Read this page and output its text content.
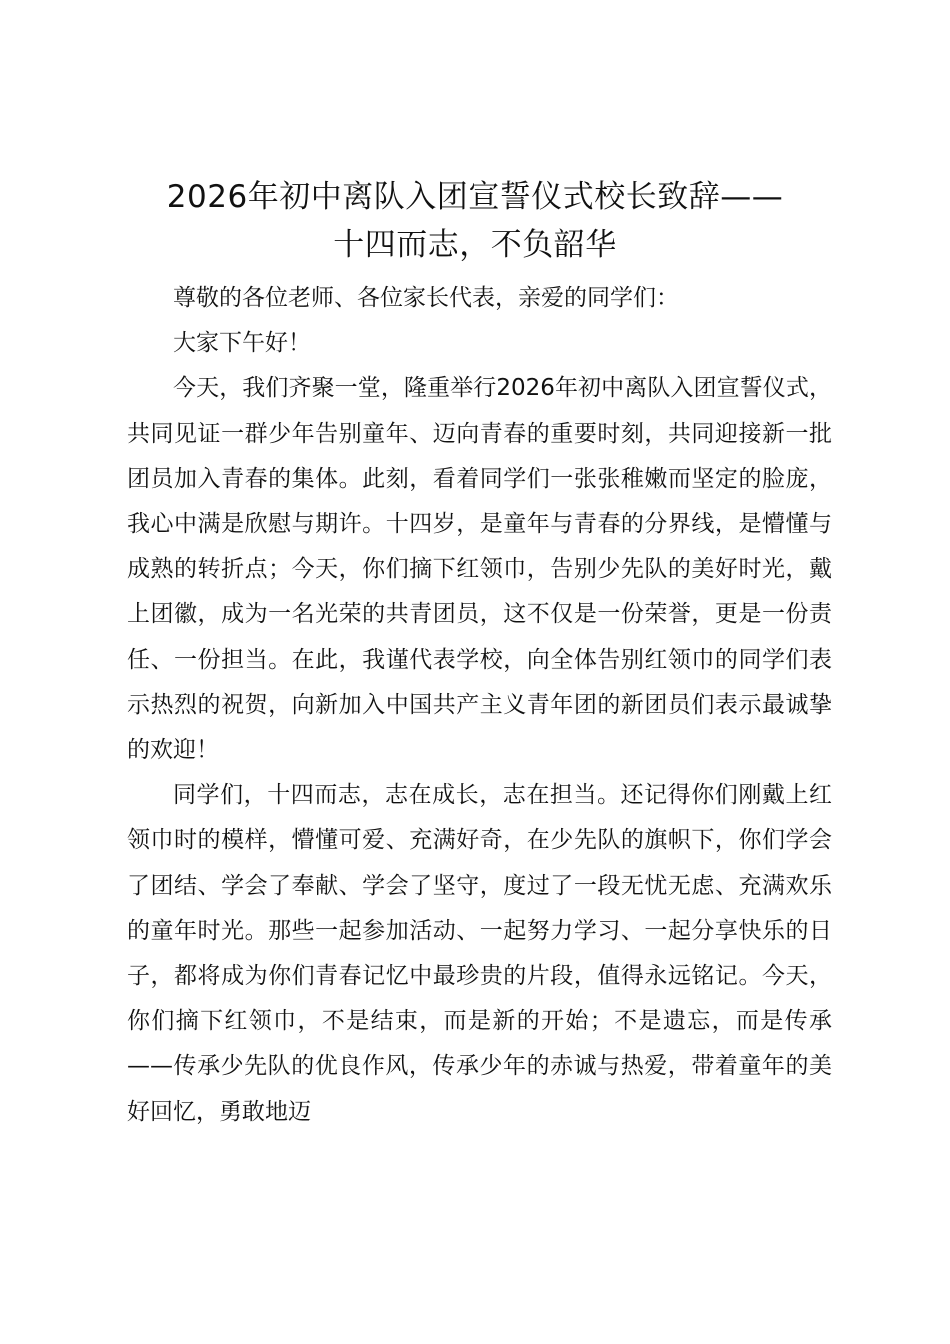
2026年初中离队入团宣誓仪式校长致辞——
十四而志，不负韶华

尊敬的各位老师、各位家长代表，亲爱的同学们：

大家下午好！

今天，我们齐聚一堂，隆重举行2026年初中离队入团宣誓仪式，共同见证一群少年告别童年、迈向青春的重要时刻，共同迎接新一批团员加入青春的集体。此刻，看着同学们一张张稚嫩而坚定的脸庞，我心中满是欣慰与期许。十四岁，是童年与青春的分界线，是懵懂与成熟的转折点；今天，你们摘下红领巾，告别少先队的美好时光，戴上团徽，成为一名光荣的共青团员，这不仅是一份荣誉，更是一份责任、一份担当。在此，我谨代表学校，向全体告别红领巾的同学们表示热烈的祝贺，向新加入中国共产主义青年团的新团员们表示最诚挚的欢迎！

同学们，十四而志，志在成长，志在担当。还记得你们刚戴上红领巾时的模样，懵懂可爱、充满好奇，在少先队的旗帜下，你们学会了团结、学会了奉献、学会了坚守，度过了一段无忧无虑、充满欢乐的童年时光。那些一起参加活动、一起努力学习、一起分享快乐的日子，都将成为你们青春记忆中最珍贵的片段，值得永远铭记。今天，你们摘下红领巾，不是结束，而是新的开始；不是遗忘，而是传承——传承少先队的优良作风，传承少年的赤诚与热爱，带着童年的美好回忆，勇敢地迈
